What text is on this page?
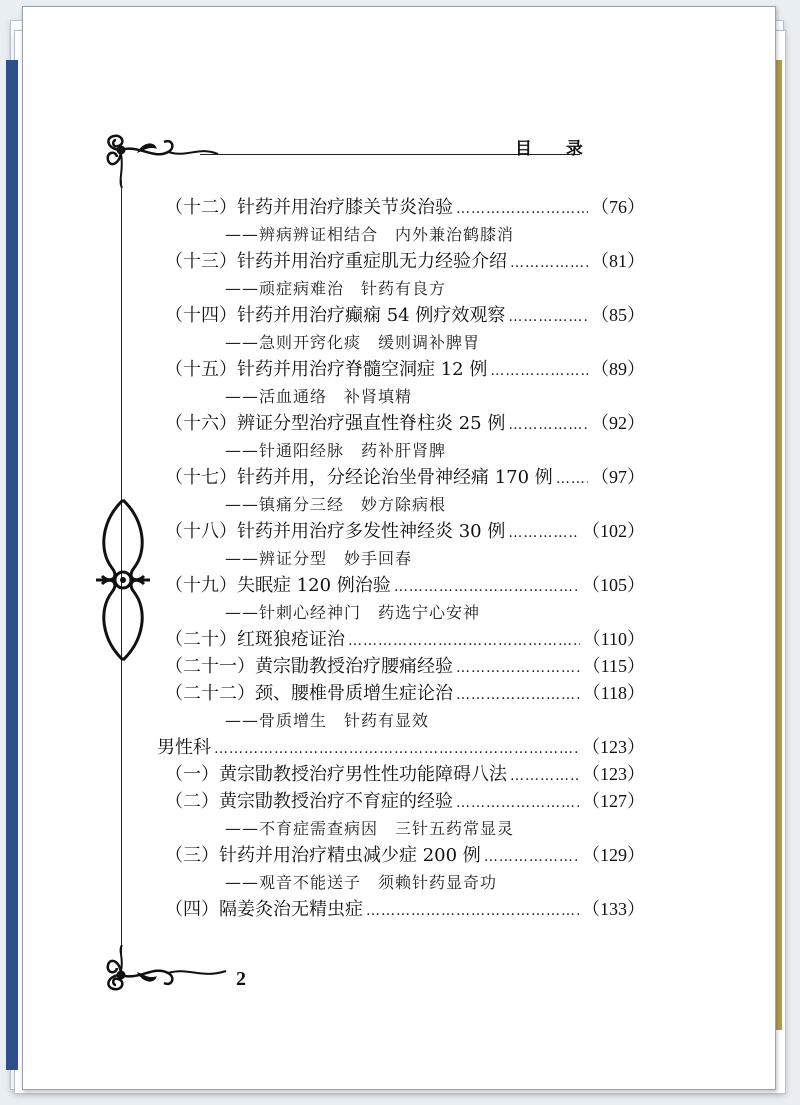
目 录
2
（十二）针药并用治疗膝关节炎治验 …………………………………………………………………………………………………………………………………………	（76）
——辨病辨证相结合　内外兼治鹤膝消
（十三）针药并用治疗重症肌无力经验介绍 …………………………………………………………………………………………………………………………………………	（81）
——顽症病难治　针药有良方
（十四）针药并用治疗癫痫 54 例疗效观察 …………………………………………………………………………………………………………………………………………	（85）
——急则开窍化痰　缓则调补脾胃
（十五）针药并用治疗脊髓空洞症 12 例 …………………………………………………………………………………………………………………………………………	（89）
——活血通络　补肾填精
（十六）辨证分型治疗强直性脊柱炎 25 例 …………………………………………………………………………………………………………………………………………	（92）
——针通阳经脉　药补肝肾脾
（十七）针药并用，分经论治坐骨神经痛 170 例 ………………………………………………………………………………………………………………………………………… （97）
——镇痛分三经　妙方除病根
（十八）针药并用治疗多发性神经炎 30 例 …………………………………………………………………………………………………………………………………………	（102）
——辨证分型　妙手回春
（十九）失眠症 120 例治验 …………………………………………………………………………………………………………………………………………	（105）
——针刺心经神门　药选宁心安神
（二十）红斑狼疮证治 …………………………………………………………………………………………………………………………………………	（110）
（二十一）黄宗勖教授治疗腰痛经验 …………………………………………………………………………………………………………………………………………	（115）
（二十二）颈、腰椎骨质增生症论治 …………………………………………………………………………………………………………………………………………	（118）
——骨质增生　针药有显效
男性科 …………………………………………………………………………………………………………………………………………	（123）
（一）黄宗勖教授治疗男性性功能障碍八法 …………………………………………………………………………………………………………………………………………	（123）
（二）黄宗勖教授治疗不育症的经验 …………………………………………………………………………………………………………………………………………	（127）
——不育症需查病因　三针五药常显灵
（三）针药并用治疗精虫减少症 200 例 …………………………………………………………………………………………………………………………………………	（129）
——观音不能送子　须赖针药显奇功
（四）隔姜灸治无精虫症 …………………………………………………………………………………………………………………………………………	（133）
